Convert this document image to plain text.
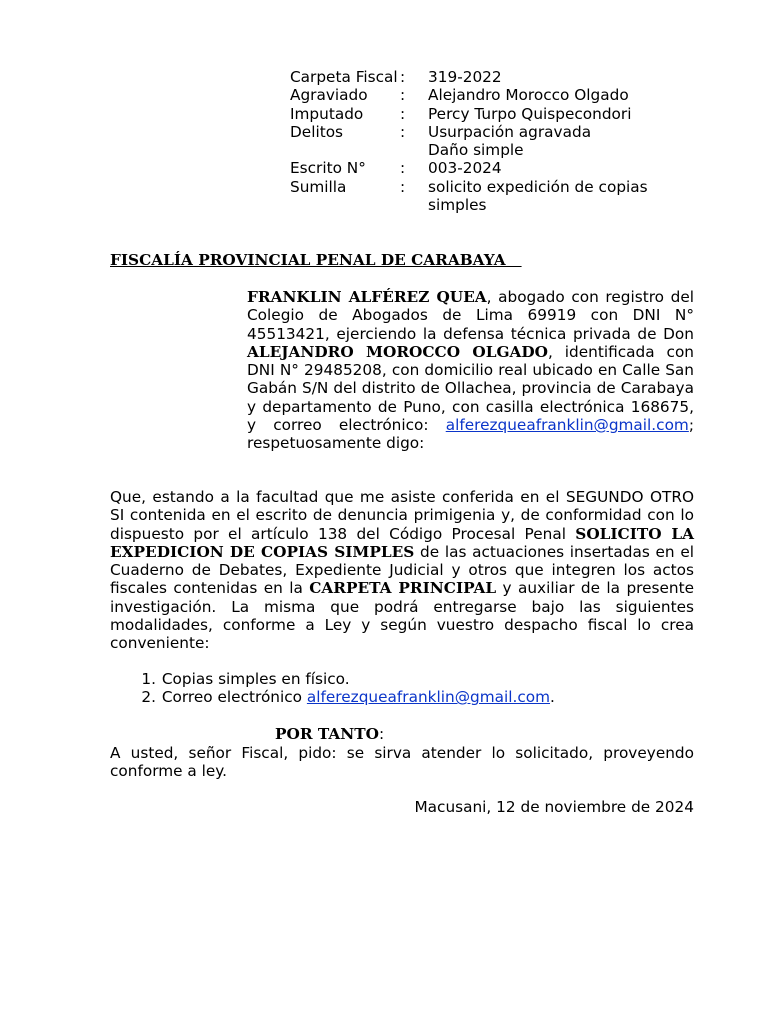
Carpeta Fiscal :	319-2022
Agraviado	:	Alejandro Morocco Olgado
Imputado	:	Percy Turpo Quispecondori
Delitos	:	Usurpación agravada
Daño simple
Escrito N°	:	003-2024
Sumilla	:	solicito expedición de copias simples
FISCALÍA PROVINCIAL PENAL DE CARABAYA
FRANKLIN ALFÉREZ QUEA, abogado con registro del Colegio de Abogados de Lima 69919 con DNI N° 45513421, ejerciendo la defensa técnica privada de Don ALEJANDRO MOROCCO OLGADO, identificada con DNI N° 29485208, con domicilio real ubicado en Calle San Gabán S/N del distrito de Ollachea, provincia de Carabaya y departamento de Puno, con casilla electrónica 168675, y correo electrónico: alferezqueafranklin@gmail.com; respetuosamente digo:
Que, estando a la facultad que me asiste conferida en el SEGUNDO OTRO SI contenida en el escrito de denuncia primigenia y, de conformidad con lo dispuesto por el artículo 138 del Código Procesal Penal SOLICITO LA EXPEDICION DE COPIAS SIMPLES de las actuaciones insertadas en el Cuaderno de Debates, Expediente Judicial y otros que integren los actos fiscales contenidas en la CARPETA PRINCIPAL y auxiliar de la presente investigación. La misma que podrá entregarse bajo las siguientes modalidades, conforme a Ley y según vuestro despacho fiscal lo crea conveniente:
1. Copias simples en físico.
2. Correo electrónico alferezqueafranklin@gmail.com.
POR TANTO:
A usted, señor Fiscal, pido: se sirva atender lo solicitado, proveyendo conforme a ley.
Macusani, 12 de noviembre de 2024
